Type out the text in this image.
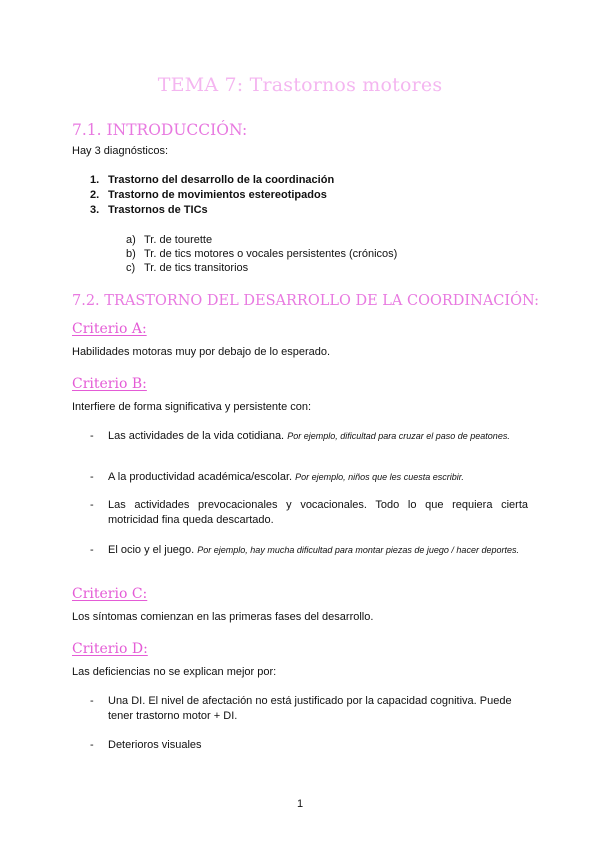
TEMA 7: Trastornos motores
7.1. INTRODUCCIÓN:
Hay 3 diagnósticos:
1. Trastorno del desarrollo de la coordinación
2. Trastorno de movimientos estereotipados
3. Trastornos de TICs
a) Tr. de tourette
b) Tr. de tics motores o vocales persistentes (crónicos)
c) Tr. de tics transitorios
7.2. TRASTORNO DEL DESARROLLO DE LA COORDINACIÓN:
Criterio A:
Habilidades motoras muy por debajo de lo esperado.
Criterio B:
Interfiere de forma significativa y persistente con:
- Las actividades de la vida cotidiana. Por ejemplo, dificultad para cruzar el paso de peatones.
- A la productividad académica/escolar. Por ejemplo, niños que les cuesta escribir.
- Las actividades prevocacionales y vocacionales. Todo lo que requiera cierta motricidad fina queda descartado.
- El ocio y el juego. Por ejemplo, hay mucha dificultad para montar piezas de juego / hacer deportes.
Criterio C:
Los síntomas comienzan en las primeras fases del desarrollo.
Criterio D:
Las deficiencias no se explican mejor por:
- Una DI. El nivel de afectación no está justificado por la capacidad cognitiva. Puede tener trastorno motor + DI.
- Deterioros visuales
1
